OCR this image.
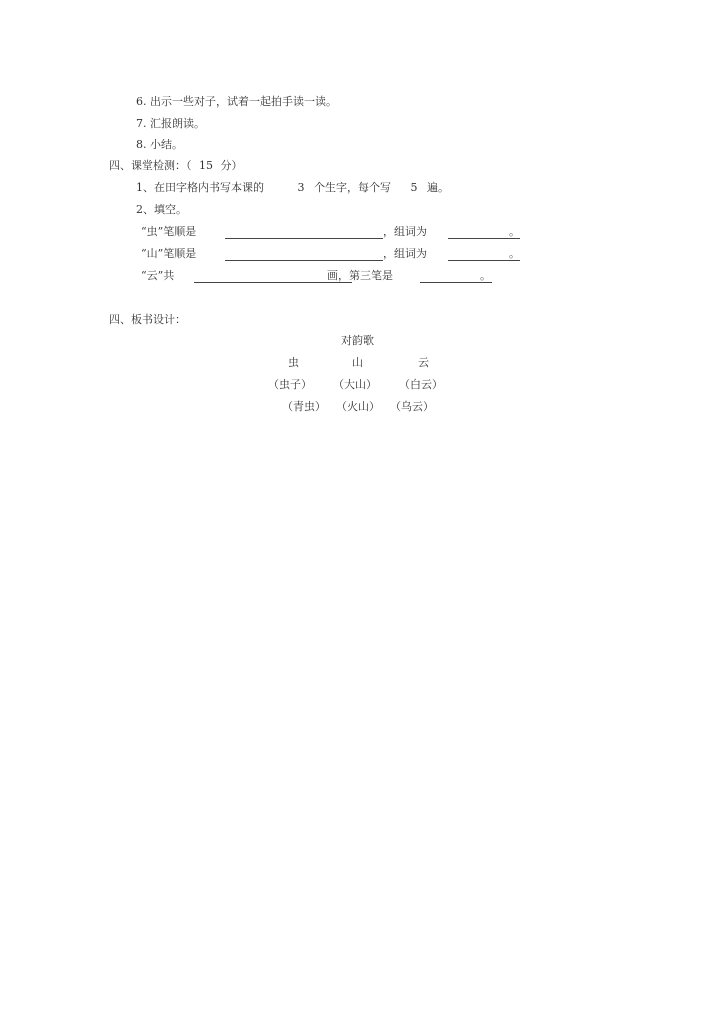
6. 出示一些对子，试着一起拍手读一读。
7. 汇报朗读。
8. 小结。
四、课堂检测：（ 15 分）
1、在田字格内书写本课的	3 个生字，每个写 5 遍。
2、填空。
“虫”笔顺是	，组词为	。
“山”笔顺是	，组词为	。
“云”共	画，第三笔是	。
四、板书设计：
对韵歌
虫	山	云
（虫子） （大山） （白云）
（青虫） （火山） （乌云）
